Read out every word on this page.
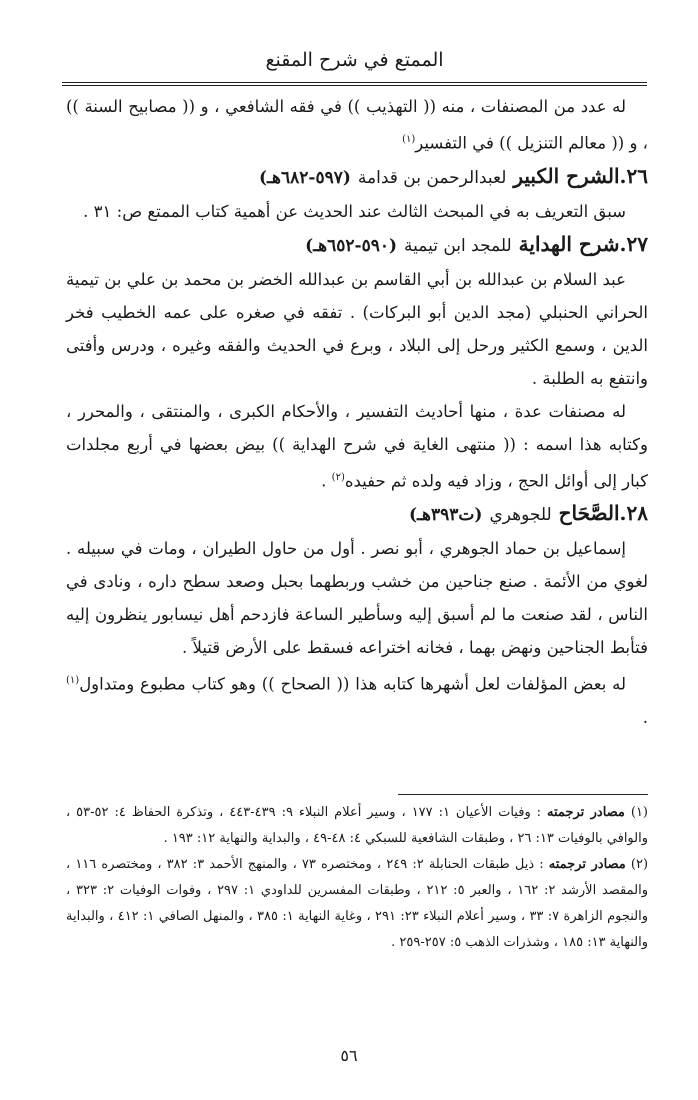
الممتع في شرح المقنع

له عدد من المصنفات ، منه (( التهذيب )) في فقه الشافعي ، و (( مصابيح السنة )) ، و (( معالم التنزيل )) في التفسير$^{(١)}$

٢٦.الشرح الكبير لعبدالرحمن بن قدامة (٥٩٧-٦٨٢هـ)

سبق التعريف به في المبحث الثالث عند الحديث عن أهمية كتاب الممتع ص: ٣١ .

٢٧.شرح الهداية للمجد ابن تيمية (٥٩٠-٦٥٢هـ)

عبد السلام بن عبدالله بن أبي القاسم بن عبدالله الخضر بن محمد بن علي بن تيمية الحراني الحنبلي (مجد الدين أبو البركات) . تفقه في صغره على عمه الخطيب فخر الدين ، وسمع الكثير ورحل إلى البلاد ، وبرع في الحديث والفقه وغيره ، ودرس وأفتى وانتفع به الطلبة .

له مصنفات عدة ، منها أحاديث التفسير ، والأحكام الكبرى ، والمنتقى ، والمحرر ، وكتابه هذا اسمه : (( منتهى الغاية في شرح الهداية )) بيض بعضها في أربع مجلدات كبار إلى أوائل الحج ، وزاد فيه ولده ثم حفيده$^{(٢)}$ .

٢٨.الصَّحَاح للجوهري (ت٣٩٣هـ)

إسماعيل بن حماد الجوهري ، أبو نصر . أول من حاول الطيران ، ومات في سبيله . لغوي من الأئمة . صنع جناحين من خشب وربطهما بحبل وصعد سطح داره ، ونادى في الناس ، لقد صنعت ما لم أسبق إليه وسأطير الساعة فازدحم أهل نيسابور ينظرون إليه فتأبط الجناحين ونهض بهما ، فخانه اختراعه فسقط على الأرض قتيلاً .

له بعض المؤلفات لعل أشهرها كتابه هذا (( الصحاح )) وهو كتاب مطبوع ومتداول$^{(١)}$ .

(١) مصادر ترجمته : وفيات الأعيان ١: ١٧٧ ، وسير أعلام النبلاء ٩: ٤٣٩-٤٤٣ ، وتذكرة الحفاظ ٤: ٥٢-٥٣ ، والوافي بالوفيات ١٣: ٢٦ ، وطبقات الشافعية للسبكي ٤: ٤٨-٤٩ ، والبداية والنهاية ١٢: ١٩٣ .

(٢) مصادر ترجمته : ذيل طبقات الحنابلة ٢: ٢٤٩ ، ومختصره ٧٣ ، والمنهج الأحمد ٣: ٣٨٢ ، ومختصره ١١٦ ، والمقصد الأرشد ٢: ١٦٢ ، والعبر ٥: ٢١٢ ، وطبقات المفسرين للداودي ١: ٢٩٧ ، وفوات الوفيات ٢: ٣٢٣ ، والنجوم الزاهرة ٧: ٣٣ ، وسير أعلام النبلاء ٢٣: ٢٩١ ، وغاية النهاية ١: ٣٨٥ ، والمنهل الصافي ١: ٤١٢ ، والبداية والنهاية ١٣: ١٨٥ ، وشذرات الذهب ٥: ٢٥٧-٢٥٩ .

٥٦
